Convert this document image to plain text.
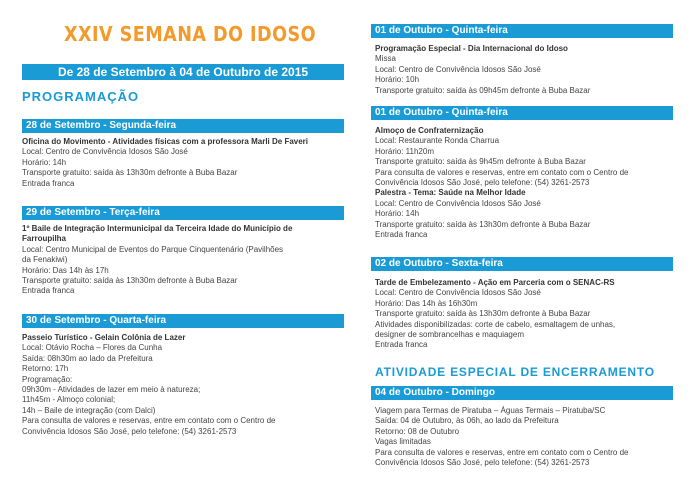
XXIV SEMANA DO IDOSO
De 28 de Setembro à 04 de Outubro de 2015
PROGRAMAÇÃO
28 de Setembro - Segunda-feira
Oficina do Movimento - Atividades físicas com a professora Marli De Faveri
Local: Centro de Convivência Idosos São José
Horário: 14h
Transporte gratuito: saída às 13h30m defronte à Buba Bazar
Entrada franca
29 de Setembro - Terça-feira
1º Baile de Integração Intermunicipal da Terceira Idade do Município de
Farroupilha
Local: Centro Municipal de Eventos do Parque Cinquentenário (Pavilhões
da Fenakiwi)
Horário: Das 14h às 17h
Transporte gratuito: saída às 13h30m defronte à Buba Bazar
Entrada franca
30 de Setembro - Quarta-feira
Passeio Turístico - Gelain Colônia de Lazer
Local: Otávio Rocha – Flores da Cunha
Saída: 08h30m ao lado da Prefeitura
Retorno: 17h
Programação:
09h30m - Atividades de lazer em meio à natureza;
11h45m - Almoço colonial;
14h – Baile de integração (com Dalci)
Para consulta de valores e reservas, entre em contato com o Centro de
Convivência Idosos São José, pelo telefone: (54) 3261-2573
01 de Outubro - Quinta-feira
Programação Especial - Dia Internacional do Idoso
Missa
Local: Centro de Convivência Idosos São José
Horário: 10h
Transporte gratuito: saída às 09h45m defronte à Buba Bazar
01 de Outubro - Quinta-feira
Almoço de Confraternização
Local: Restaurante Ronda Charrua
Horário: 11h20m
Transporte gratuito: saída às 9h45m defronte à Buba Bazar
Para consulta de valores e reservas, entre em contato com o Centro de
Convivência Idosos São José, pelo telefone: (54) 3261-2573
Palestra - Tema: Saúde na Melhor Idade
Local: Centro de Convivência Idosos São José
Horário: 14h
Transporte gratuito: saída às 13h30m defronte à Buba Bazar
Entrada franca
02 de Outubro - Sexta-feira
Tarde de Embelezamento - Ação em Parceria com o SENAC-RS
Local: Centro de Convivência Idosos São José
Horário: Das 14h às 16h30m
Transporte gratuito: saída às 13h30m defronte à Buba Bazar
Atividades disponibilizadas: corte de cabelo, esmaltagem de unhas,
designer de sombrancelhas e maquiagem
Entrada franca
ATIVIDADE ESPECIAL DE ENCERRAMENTO
04 de Outubro - Domingo
Viagem para Termas de Piratuba – Águas Termais – Piratuba/SC
Saída: 04 de Outubro, às 06h, ao lado da Prefeitura
Retorno: 08 de Outubro
Vagas limitadas
Para consulta de valores e reservas, entre em contato com o Centro de
Convivência Idosos São José, pelo telefone: (54) 3261-2573
